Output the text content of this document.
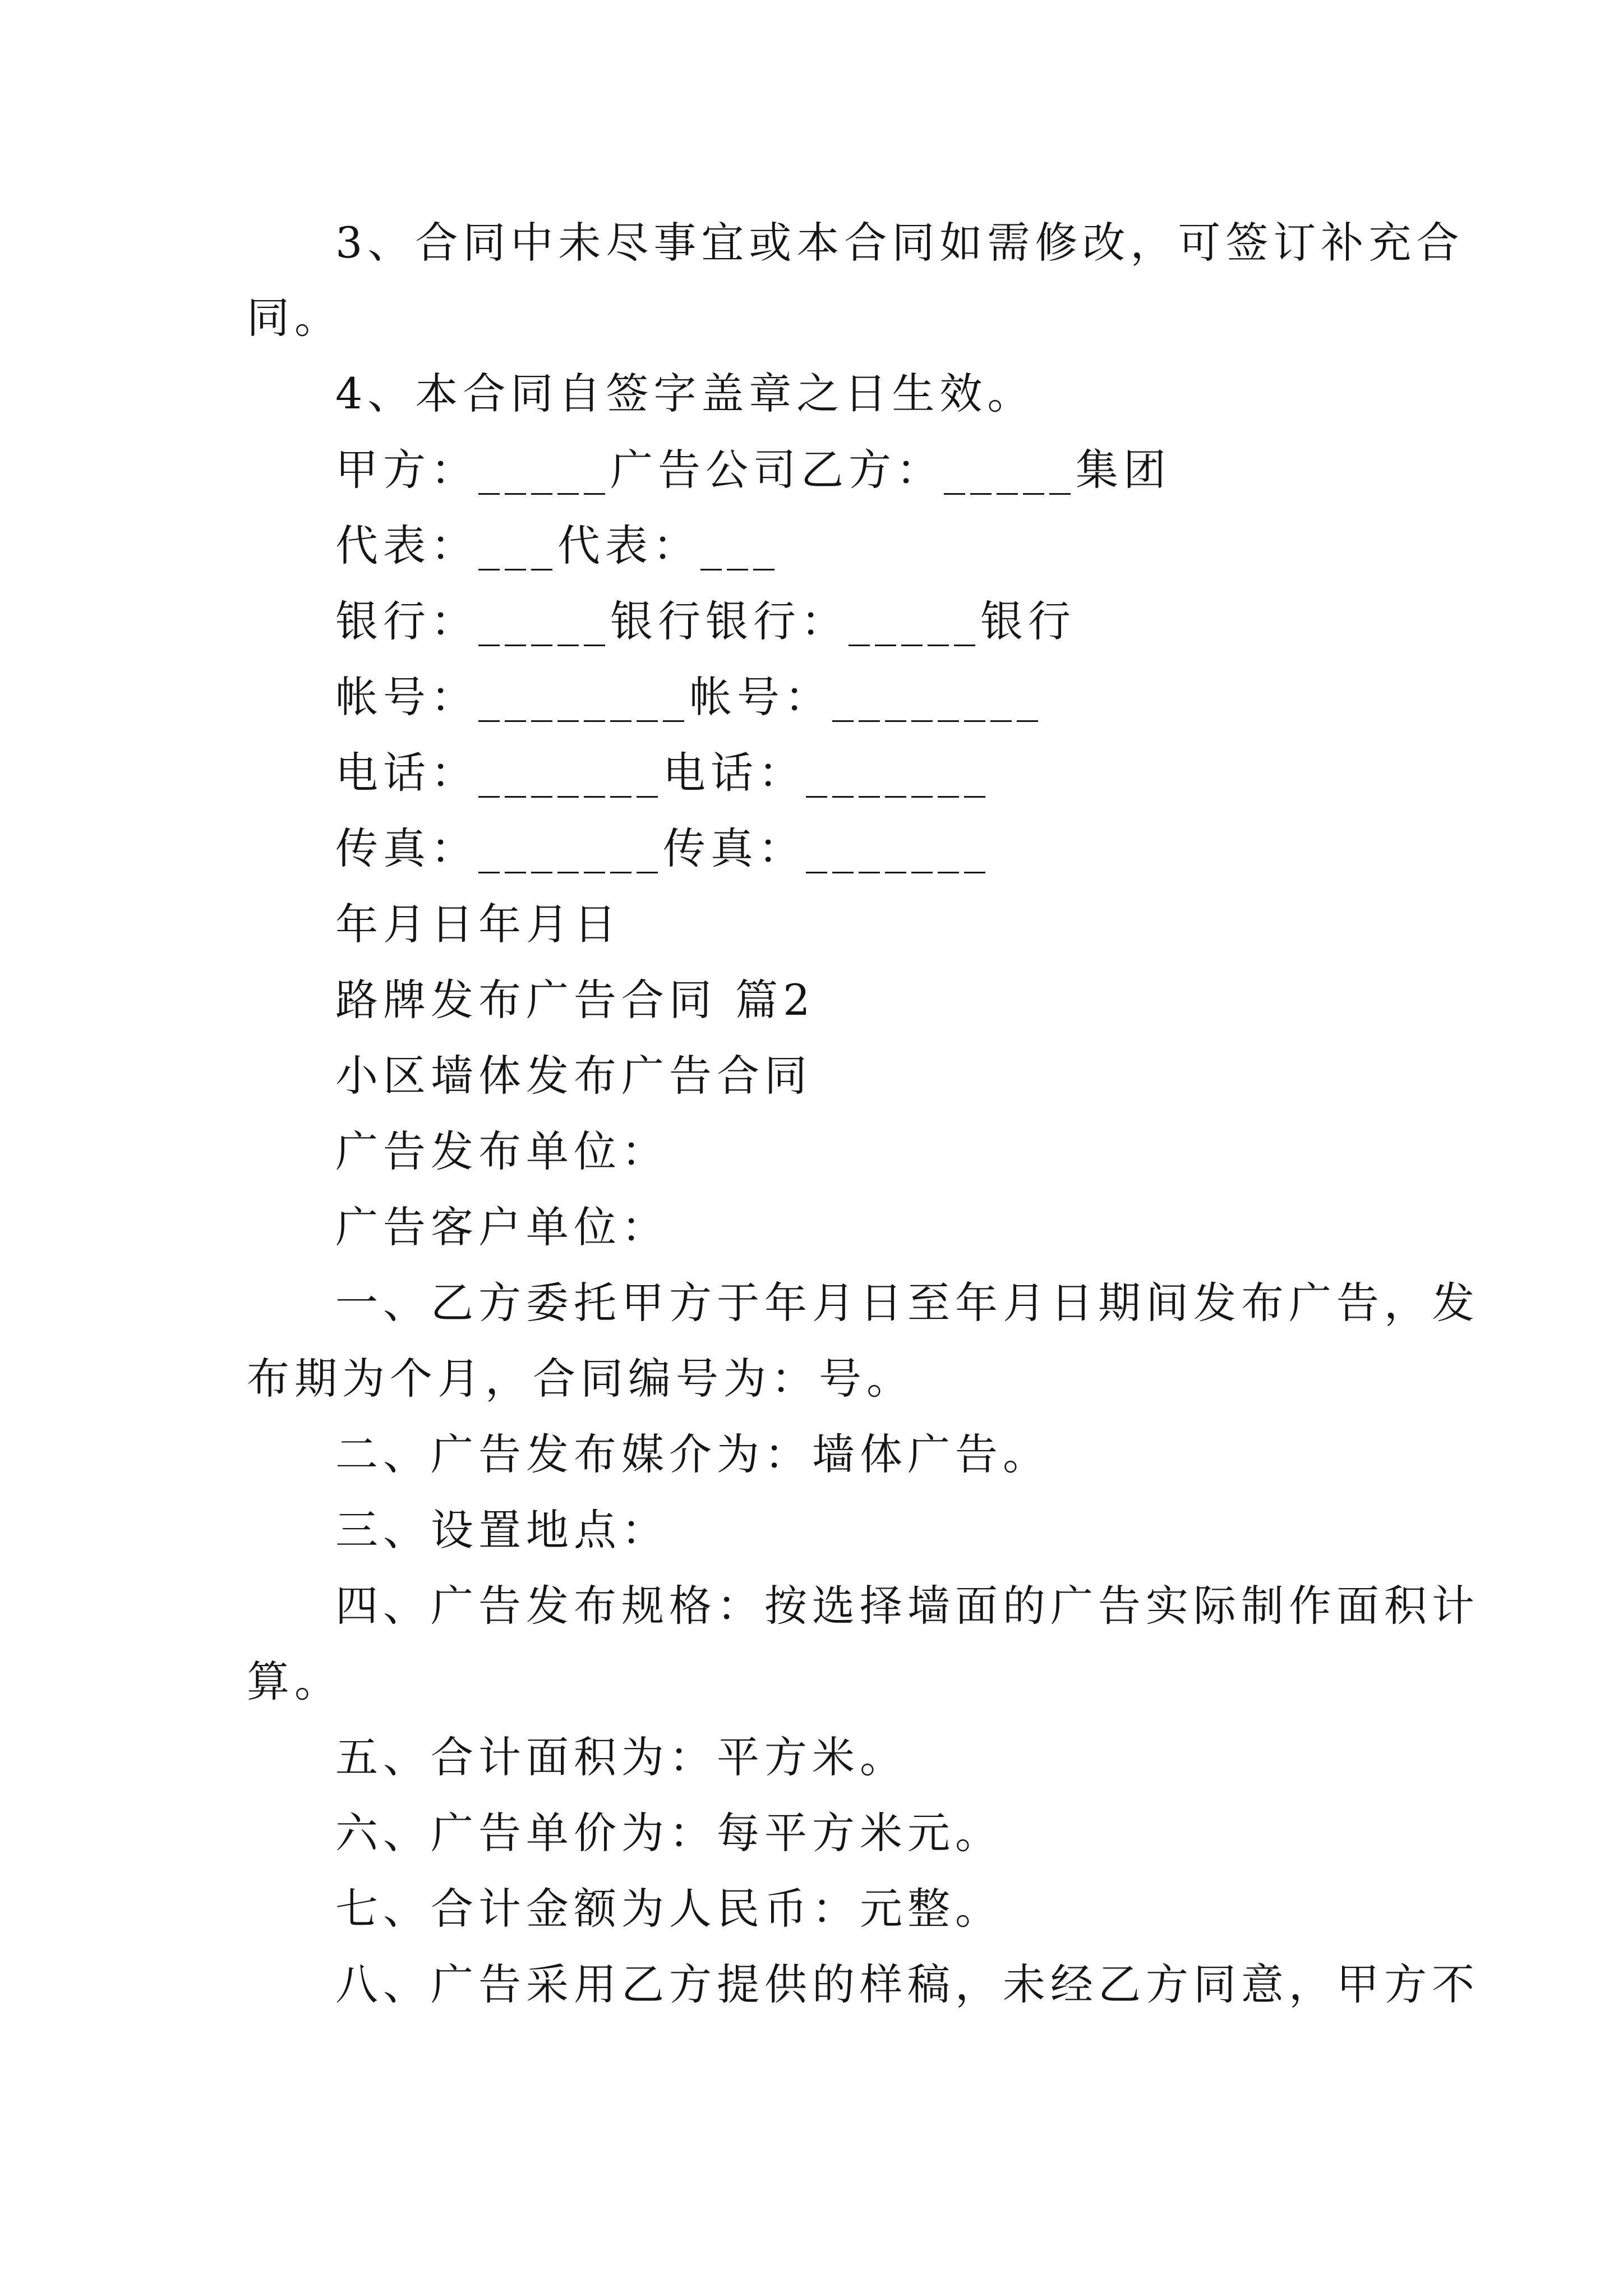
3、合同中未尽事宜或本合同如需修改，可签订补充合
同。
4、本合同自签字盖章之日生效。
甲方：_____广告公司乙方：_____集团
代表：___代表：___
银行：_____银行银行：_____银行
帐号：________帐号：________
电话：_______电话：_______
传真：_______传真：_______
年月日年月日
路牌发布广告合同 篇2
小区墙体发布广告合同
广告发布单位：
广告客户单位：
一、乙方委托甲方于年月日至年月日期间发布广告，发
布期为个月，合同编号为：号。
二、广告发布媒介为：墙体广告。
三、设置地点：
四、广告发布规格：按选择墙面的广告实际制作面积计
算。
五、合计面积为：平方米。
六、广告单价为：每平方米元。
七、合计金额为人民币：元整。
八、广告采用乙方提供的样稿，未经乙方同意，甲方不
